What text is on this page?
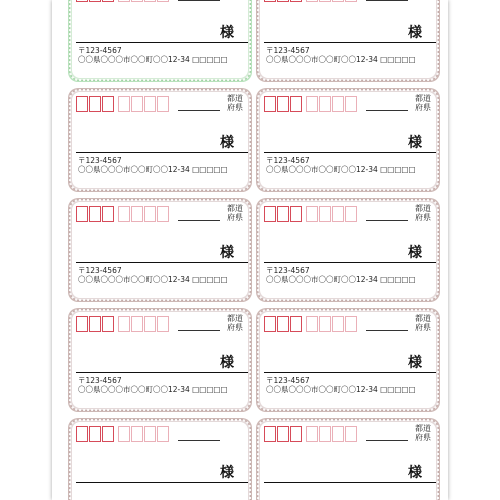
様
〒123-4567
〇〇県〇〇〇市〇〇町〇〇12-34 □□□□□
様
〒123-4567
〇〇県〇〇〇市〇〇町〇〇12-34 □□□□□
都道府県
様
〒123-4567
〇〇県〇〇〇市〇〇町〇〇12-34 □□□□□
都道府県
様
〒123-4567
〇〇県〇〇〇市〇〇町〇〇12-34 □□□□□
都道府県
様
〒123-4567
〇〇県〇〇〇市〇〇町〇〇12-34 □□□□□
都道府県
様
〒123-4567
〇〇県〇〇〇市〇〇町〇〇12-34 □□□□□
都道府県
様
〒123-4567
〇〇県〇〇〇市〇〇町〇〇12-34 □□□□□
都道府県
様
〒123-4567
〇〇県〇〇〇市〇〇町〇〇12-34 □□□□□
様
都道府県
様
